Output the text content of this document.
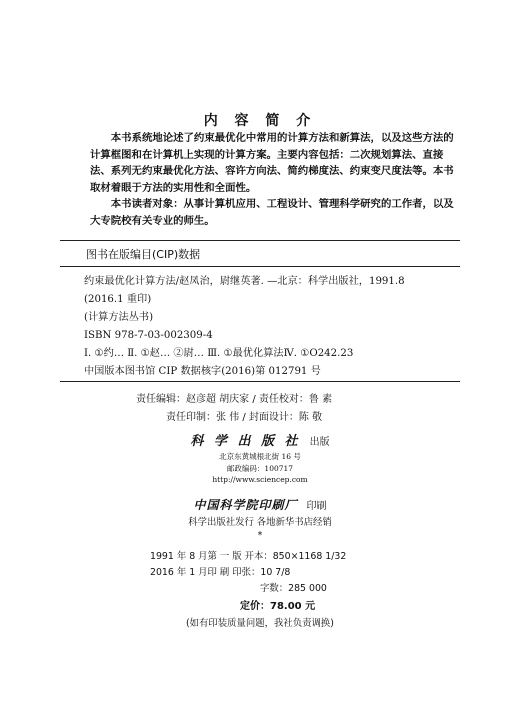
内 容 简 介

本书系统地论述了约束最优化中常用的计算方法和新算法，以及这些方法的计算框图和在计算机上实现的计算方案。主要内容包括：二次规划算法、直接法、系列无约束最优化方法、容许方向法、简约梯度法、约束变尺度法等。本书取材着眼于方法的实用性和全面性。

本书读者对象：从事计算机应用、工程设计、管理科学研究的工作者，以及大专院校有关专业的师生。

图书在版编目(CIP)数据
约束最优化计算方法/赵凤治，尉继英著. —北京：科学出版社，1991.8
(2016.1 重印)
(计算方法丛书)
ISBN 978-7-03-002309-4
Ⅰ. ①约… Ⅱ. ①赵… ②尉… Ⅲ. ①最优化算法Ⅳ. ①O242.23
中国版本图书馆 CIP 数据核字(2016)第 012791 号
责任编辑：赵彦超 胡庆家 / 责任校对：鲁 素
责任印制：张 伟 / 封面设计：陈 敬
科 学 出 版 社 出版
北京东黄城根北街 16 号
邮政编码：100717
http://www.sciencep.com
中国科学院印刷厂 印刷
科学出版社发行 各地新华书店经销
*
1991 年 8 月第 一 版 开本：850×1168 1/32
2016 年 1 月印 刷 印张：10 7/8
字数：285 000
定价：78.00 元
(如有印装质量问题，我社负责调换)
